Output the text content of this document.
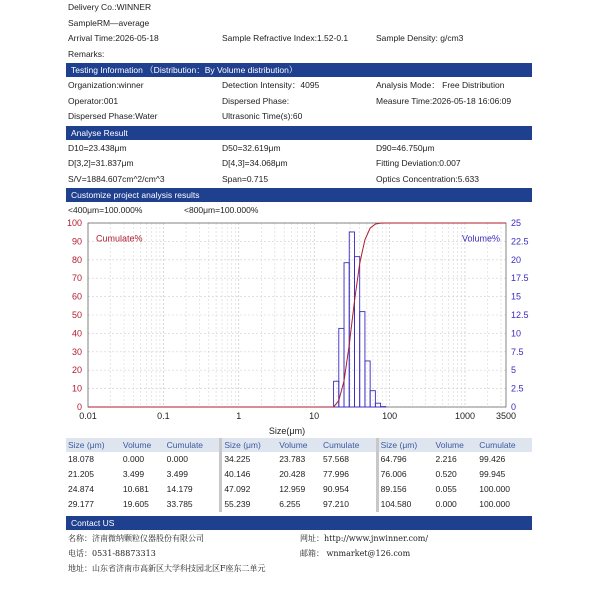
Delivery Co.:WINNER
SampleRM—average
Arrival Time:2026-05-18	Sample Refractive Index:1.52-0.1	Sample Density: g/cm3
Remarks:
Testing Information （Distribution：By Volume distribution）
Organization:winner	Detection Intensity：4095	Analysis Mode： Free Distribution
Operator:001	Dispersed Phase:	Measure Time:2026-05-18 16:06:09
Dispersed Phase:Water	Ultrasonic Time(s):60
Analyse Result
D10=23.438μm	D50=32.619μm	D90=46.750μm
D[3,2]=31.837μm	D[4,3]=34.068μm	Fitting Deviation:0.007
S/V=1884.607cm^2/cm^3	Span=0.715	Optics Concentration:5.633
Customize project analysis results
<400μm=100.000%	<800μm=100.000%
0
10
20
30
40
50
60
70
80
90
100
0
2.5
5
7.5
10
12.5
15
17.5
20
22.5
25
0.01	0.1	1	10	100	1000 3500
Size(μm)
Cumulate%	Volume%
Size (μm)	Volume	Cumulate		Size (μm)	Volume	Cumulate		Size (μm)	Volume	Cumulate
18.078	0.000	0.000		34.225	23.783	57.568		64.796	2.216	99.426
21.205	3.499	3.499		40.146	20.428	77.996		76.006	0.520	99.945
24.874	10.681	14.179		47.092	12.959	90.954		89.156	0.055	100.000
29.177	19.605	33.785		55.239	6.255	97.210		104.580	0.000	100.000
Contact US
名称：济南微纳颗粒仪器股份有限公司	网址：http://www.jnwinner.com/
电话：0531-88873313	邮箱： wnmarket@126.com
地址：山东省济南市高新区大学科技园北区F座东二单元
